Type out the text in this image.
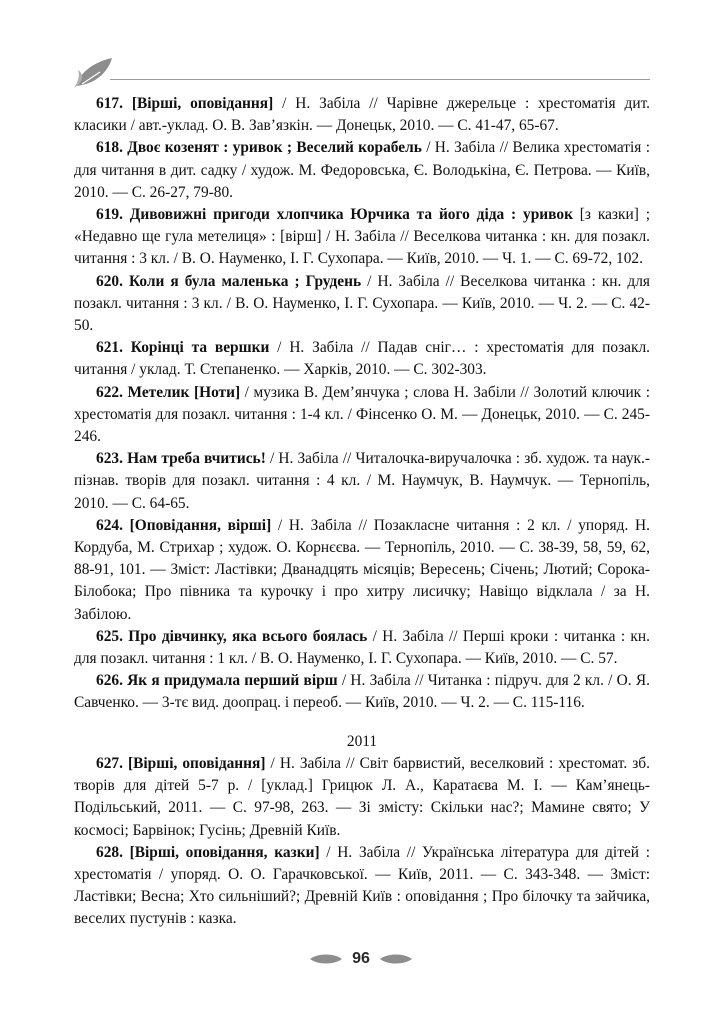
617. [Вірші, оповідання] / Н. Забіла // Чарівне джерельце : хрестоматія дит. класики / авт.-уклад. О. В. Зав’язкін. — Донецьк, 2010. — С. 41-47, 65-67.

618. Двоє козенят : уривок ; Веселий корабель / Н. Забіла // Велика хрестоматія : для читання в дит. садку / худож. М. Федоровська, Є. Володькіна, Є. Петрова. — Київ, 2010. — С. 26-27, 79-80.

619. Дивовижні пригоди хлопчика Юрчика та його діда : уривок [з казки] ; «Недавно ще гула метелиця» : [вірш] / Н. Забіла // Веселкова читанка : кн. для позакл. читання : 3 кл. / В. О. Науменко, І. Г. Сухопара. — Київ, 2010. — Ч. 1. — С. 69-72, 102.

620. Коли я була маленька ; Грудень / Н. Забіла // Веселкова читанка : кн. для позакл. читання : 3 кл. / В. О. Науменко, І. Г. Сухопара. — Київ, 2010. — Ч. 2. — С. 42-50.

621. Корінці та вершки / Н. Забіла // Падав сніг… : хрестоматія для позакл. читання / уклад. Т. Степаненко. — Харків, 2010. — С. 302-303.

622. Метелик [Ноти] / музика В. Дем’янчука ; слова Н. Забіли // Золотий ключик : хрестоматія для позакл. читання : 1-4 кл. / Фінсенко О. М. — Донецьк, 2010. — С. 245-246.

623. Нам треба вчитись! / Н. Забіла // Читалочка-виручалочка : зб. худож. та наук.-пізнав. творів для позакл. читання : 4 кл. / М. Наумчук, В. Наумчук. — Тернопіль, 2010. — С. 64-65.

624. [Оповідання, вірші] / Н. Забіла // Позакласне читання : 2 кл. / упоряд. Н. Кордуба, М. Стрихар ; худож. О. Корнєєва. — Тернопіль, 2010. — С. 38-39, 58, 59, 62, 88-91, 101. — Зміст: Ластівки; Дванадцять місяців; Вересень; Січень; Лютий; Сорока-Білобока; Про півника та курочку і про хитру лисичку; Навіщо відклала / за Н. Забілою.

625. Про дівчинку, яка всього боялась / Н. Забіла // Перші кроки : читанка : кн. для позакл. читання : 1 кл. / В. О. Науменко, І. Г. Сухопара. — Київ, 2010. — С. 57.

626. Як я придумала перший вірш / Н. Забіла // Читанка : підруч. для 2 кл. / О. Я. Савченко. — 3-тє вид. доопрац. і переоб. — Київ, 2010. — Ч. 2. — С. 115-116.

2011

627. [Вірші, оповідання] / Н. Забіла // Світ барвистий, веселковий : хрестомат. зб. творів для дітей 5-7 р. / [уклад.] Грицюк Л. А., Каратаєва М. І. — Кам’янець-Подільський, 2011. — С. 97-98, 263. — Зі змісту: Скільки нас?; Мамине свято; У космосі; Барвінок; Гусінь; Древній Київ.

628. [Вірші, оповідання, казки] / Н. Забіла // Українська література для дітей : хрестоматія / упоряд. О. О. Гарачковської. — Київ, 2011. — С. 343-348. — Зміст: Ластівки; Весна; Хто сильніший?; Древній Київ : оповідання ; Про білочку та зайчика, веселих пустунів : казка.

96
